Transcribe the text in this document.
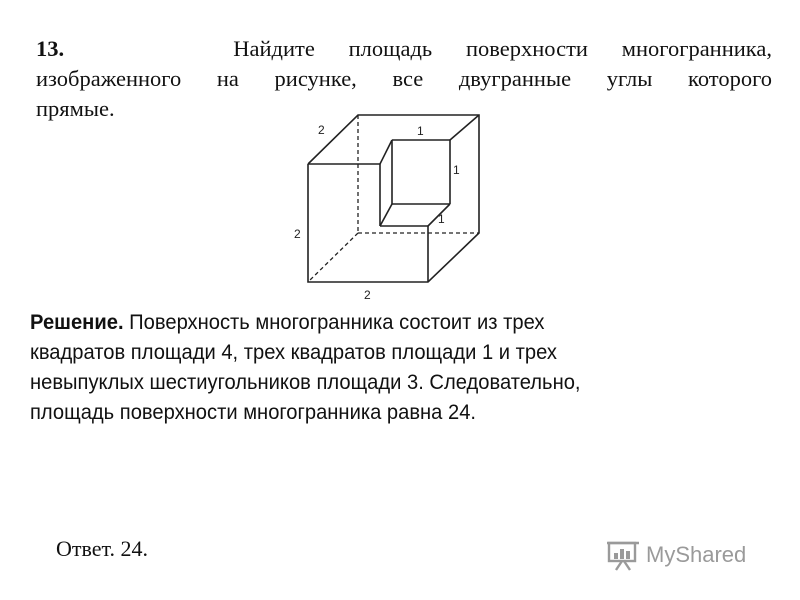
13.	Найдите площадь поверхности многогранника,
изображенного на рисунке, все двугранные углы которого
прямые.
2	1
1
2
1
2
Решение. Поверхность многогранника состоит из трех
квадратов площади 4, трех квадратов площади 1 и трех
невыпуклых шестиугольников площади 3. Следовательно,
площадь поверхности многогранника равна 24.
Ответ. 24.	MyShared
